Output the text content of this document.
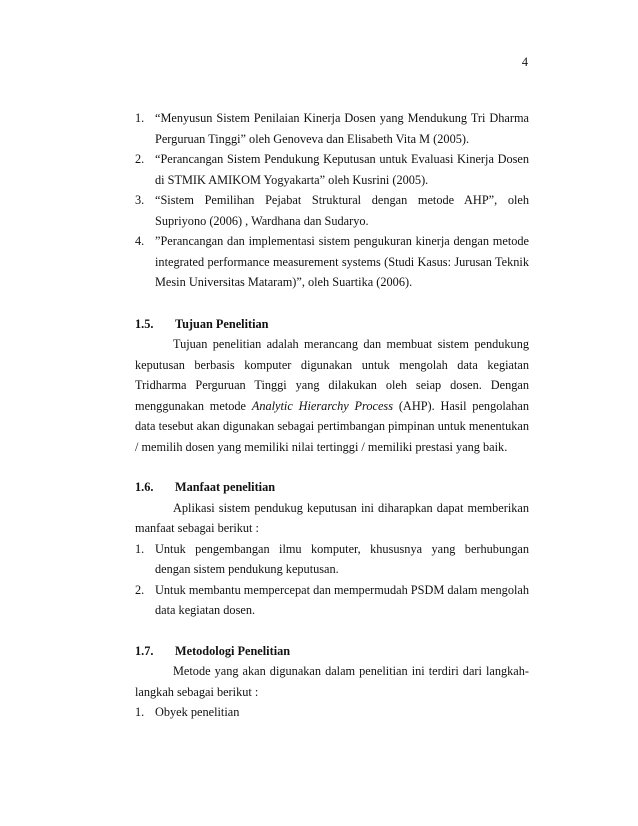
4
1. “Menyusun Sistem Penilaian Kinerja Dosen yang Mendukung Tri Dharma Perguruan Tinggi” oleh Genoveva dan Elisabeth Vita M (2005).
2. “Perancangan Sistem Pendukung Keputusan untuk Evaluasi Kinerja Dosen di STMIK AMIKOM Yogyakarta” oleh Kusrini (2005).
3. “Sistem Pemilihan Pejabat Struktural dengan metode AHP”, oleh Supriyono (2006) , Wardhana dan Sudaryo.
4. ”Perancangan dan implementasi sistem pengukuran kinerja dengan metode integrated performance measurement systems (Studi Kasus: Jurusan Teknik Mesin Universitas Mataram)”, oleh Suartika (2006).
1.5. Tujuan Penelitian

Tujuan penelitian adalah merancang dan membuat sistem pendukung keputusan berbasis komputer digunakan untuk mengolah data kegiatan Tridharma Perguruan Tinggi yang dilakukan oleh seiap dosen. Dengan menggunakan metode Analytic Hierarchy Process (AHP). Hasil pengolahan data tesebut akan digunakan sebagai pertimbangan pimpinan untuk menentukan / memilih dosen yang memiliki nilai tertinggi / memiliki prestasi yang baik.

1.6. Manfaat penelitian

Aplikasi sistem pendukug keputusan ini diharapkan dapat memberikan manfaat sebagai berikut :

1. Untuk pengembangan ilmu komputer, khususnya yang berhubungan dengan sistem pendukung keputusan.
2. Untuk membantu mempercepat dan mempermudah PSDM dalam mengolah data kegiatan dosen.
1.7. Metodologi Penelitian

Metode yang akan digunakan dalam penelitian ini terdiri dari langkah-langkah sebagai berikut :

1. Obyek penelitian
